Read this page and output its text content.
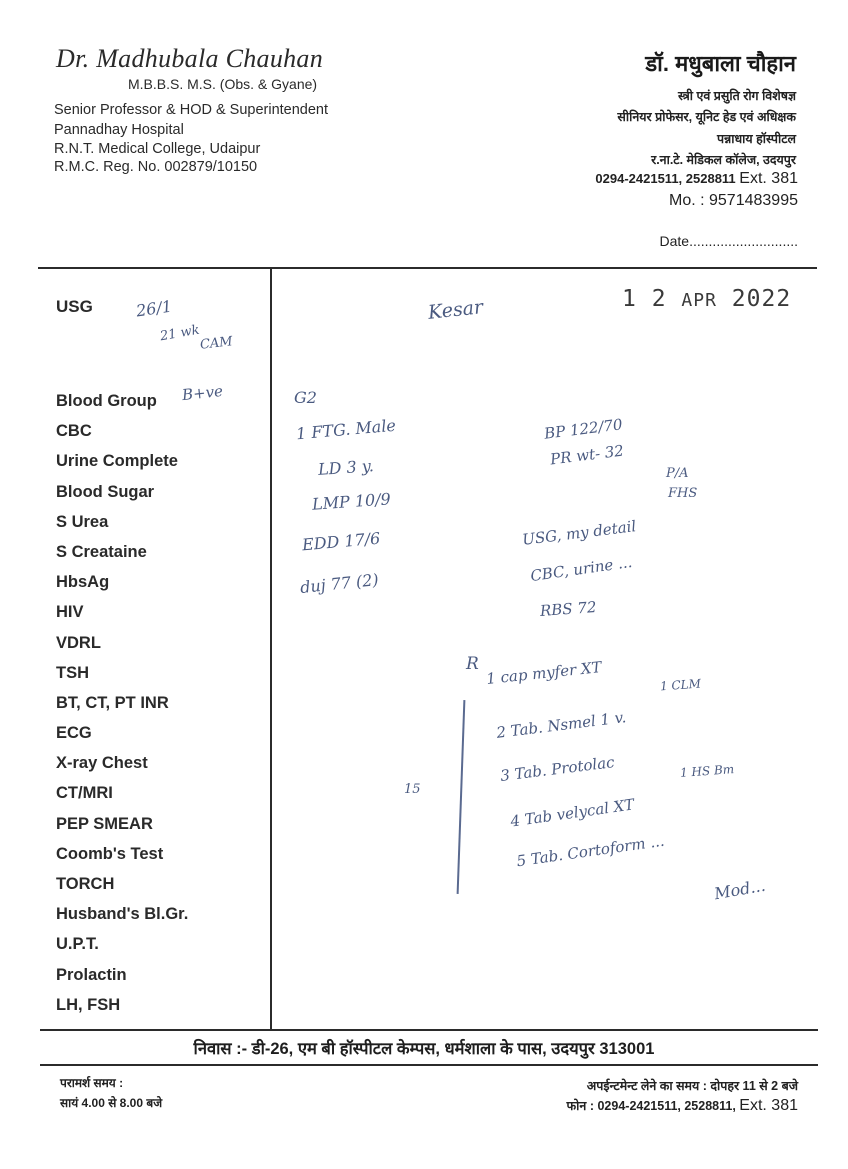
Dr. Madhubala Chauhan
M.B.B.S. M.S. (Obs. & Gyane)
Senior Professor & HOD & Superintendent
Pannadhay Hospital
R.N.T. Medical College, Udaipur
R.M.C. Reg. No. 002879/10150
डॉ. मधुबाला चौहान
स्त्री एवं प्रसुति रोग विशेषज्ञ
सीनियर प्रोफेसर, यूनिट हेड एवं अधिक्षक
पन्नाधाय हॉस्पीटल
र.ना.टे. मेडिकल कॉलेज, उदयपुर
0294-2421511, 2528811 Ext. 381
Mo. : 9571483995
Date............................
USG
Blood Group
CBC
Urine Complete
Blood Sugar
S Urea
S Creataine
HbsAg
HIV
VDRL
TSH
BT, CT, PT INR
ECG
X-ray Chest
CT/MRI
PEP SMEAR
Coomb's Test
TORCH
Husband's Bl.Gr.
U.P.T.
Prolactin
LH, FSH
1 2 APR 2022
26/1
21 wk
CAM
B+ve
Kesar
G2
1 FTG. Male
LD 3 y.
LMP 10/9
EDD 17/6
duj 77 (2)
BP 122/70
PR wt- 32
P/A
FHS
USG, my detail
CBC, urine ...
RBS 72
R 1 cap myfer XT	1 CLM
2 Tab. Nsmel 1 v.
3 Tab. Protolac	1 HS Bm
4 Tab velycal XT
5 Tab. Cortoform ...
15
Mod...
निवास :- डी-26, एम बी हॉस्पीटल केम्पस, धर्मशाला के पास, उदयपुर 313001
परामर्श समय :
सायं 4.00 से 8.00 बजे
अपईन्टमेन्ट लेने का समय : दोपहर 11 से 2 बजे
फोन : 0294-2421511, 2528811, Ext. 381
